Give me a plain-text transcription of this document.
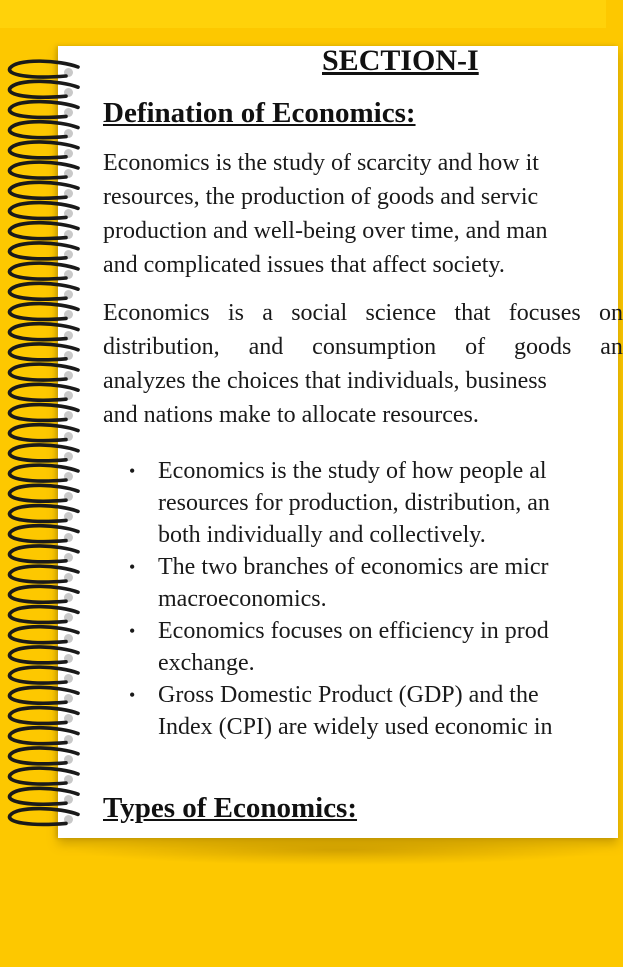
SECTION-I
Defination of Economics:

Economics is the study of scarcity and how it
resources, the production of goods and servic
production and well-being over time, and man
and complicated issues that affect society.

Economics is a social science that focuses on
distribution, and consumption of goods an
analyzes the choices that individuals, business
and nations make to allocate resources.

• Economics is the study of how people al
resources for production, distribution, an
both individually and collectively.
• The two branches of economics are micr
macroeconomics.
• Economics focuses on efficiency in prod
exchange.
• Gross Domestic Product (GDP) and the
Index (CPI) are widely used economic in
Types of Economics:
